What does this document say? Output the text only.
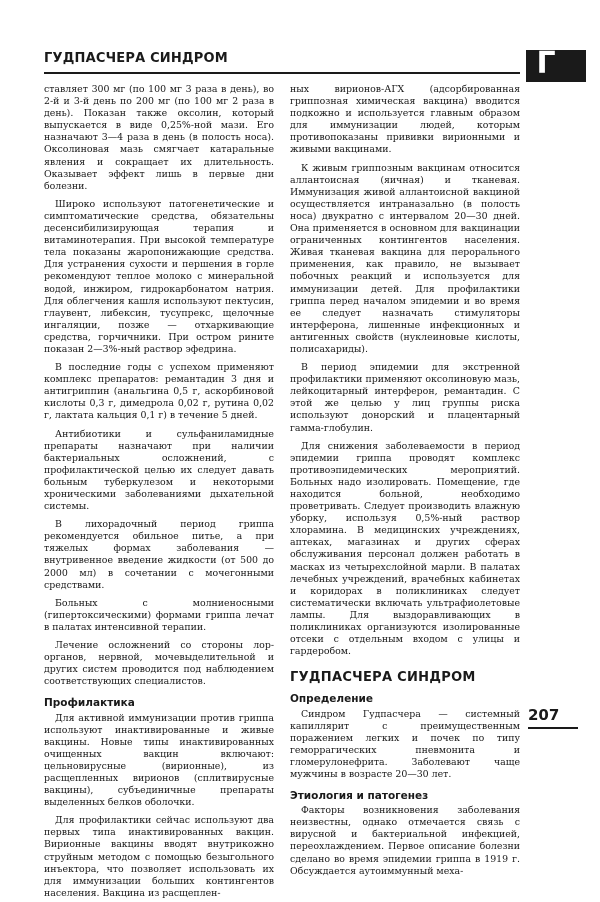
ГУДПАСЧЕРА СИНДРОМ	Г

ставляет 300 мг (по 100 мг 3 раза в день), во 2-й и 3-й день по 200 мг (по 100 мг 2 раза в день). Показан также оксолин, который выпускается в виде 0,25%-ной мази. Его назначают 3—4 раза в день (в полость носа). Оксолиновая мазь смягчает катаральные явления и сокращает их длительность. Оказывает эффект лишь в первые дни болезни.

Широко используют патогенетические и симптоматические средства, обязательны десенсибилизирующая терапия и витаминотерапия. При высокой температуре тела показаны жаропонижающие средства. Для устранения сухости и першения в горле рекомендуют теплое молоко с минеральной водой, инжиром, гидрокарбонатом натрия. Для облегчения кашля используют пектусин, глаувент, либексин, тусупрекс, щелочные ингаляции, позже — отхаркивающие средства, горчичники. При остром рините показан 2—3%-ный раствор эфедрина.

В последние годы с успехом применяют комплекс препаратов: ремантадин 3 дня и антигриппин (анальгина 0,5 г, аскорбиновой кислоты 0,3 г, димедрола 0,02 г, рутина 0,02 г, лактата кальция 0,1 г) в течение 5 дней.

Антибиотики и сульфаниламидные препараты назначают при наличии бактериальных осложнений, с профилактической целью их следует давать больным туберкулезом и некоторыми хроническими заболеваниями дыхательной системы.

В лихорадочный период гриппа рекомендуется обильное питье, а при тяжелых формах заболевания — внутривенное введение жидкости (от 500 до 2000 мл) в сочетании с мочегонными средствами.

Больных с молниеносными (гипертоксическими) формами гриппа лечат в палатах интенсивной терапии.

Лечение осложнений со стороны лор-органов, нервной, мочевыделительной и других систем проводится под наблюдением соответствующих специалистов.

Профилактика

Для активной иммунизации против гриппа используют инактивированные и живые вакцины. Новые типы инактивированных очищенных вакцин включают: цельновирусные (вирионные), из расщепленных вирионов (сплитвирусные вакцины), субъединичные препараты выделенных белков оболочки.

Для профилактики сейчас используют два первых типа инактивированных вакцин. Вирионные вакцины вводят внутрикожно струйным методом с помощью безыгольного инъектора, что позволяет использовать их для иммунизации больших контингентов населения. Вакцина из расщеплен-

ных вирионов-АГХ (адсорбированная гриппозная химическая вакцина) вводится подкожно и используется главным образом для иммунизации людей, которым противопоказаны прививки вирионными и живыми вакцинами.

К живым гриппозным вакцинам относится аллантоисная (яичная) и тканевая. Иммунизация живой аллантоисной вакциной осуществляется интраназально (в полость носа) двукратно с интервалом 20—30 дней. Она применяется в основном для вакцинации ограниченных контингентов населения. Живая тканевая вакцина для перорального применения, как правило, не вызывает побочных реакций и используется для иммунизации детей. Для профилактики гриппа перед началом эпидемии и во время ее следует назначать стимуляторы интерферона, лишенные инфекционных и антигенных свойств (нуклеиновые кислоты, полисахариды).

В период эпидемии для экстренной профилактики применяют оксолиновую мазь, лейкоцитарный интерферон, ремантадин. С этой же целью у лиц группы риска используют донорский и плацентарный гамма-глобулин.

Для снижения заболеваемости в период эпидемии гриппа проводят комплекс противоэпидемических мероприятий. Больных надо изолировать. Помещение, где находится больной, необходимо проветривать. Следует производить влажную уборку, используя 0,5%-ный раствор хлорамина. В медицинских учреждениях, аптеках, магазинах и других сферах обслуживания персонал должен работать в масках из четырехслойной марли. В палатах лечебных учреждений, врачебных кабинетах и коридорах в поликлиниках следует систематически включать ультрафиолетовые лампы. Для выздоравливающих в поликлиниках организуются изолированные отсеки с отдельным входом с улицы и гардеробом.

ГУДПАСЧЕРА СИНДРОМ
Определение

Синдром Гудпасчера — системный капиллярит с преимущественным поражением легких и почек по типу геморрагических пневмонита и гломерулонефрита. Заболевают чаще мужчины в возрасте 20—30 лет.

Этиология и патогенез

Факторы возникновения заболевания неизвестны, однако отмечается связь с вирусной и бактериальной инфекцией, переохлаждением. Первое описание болезни сделано во время эпидемии гриппа в 1919 г. Обсуждается аутоиммунный меха-

207
